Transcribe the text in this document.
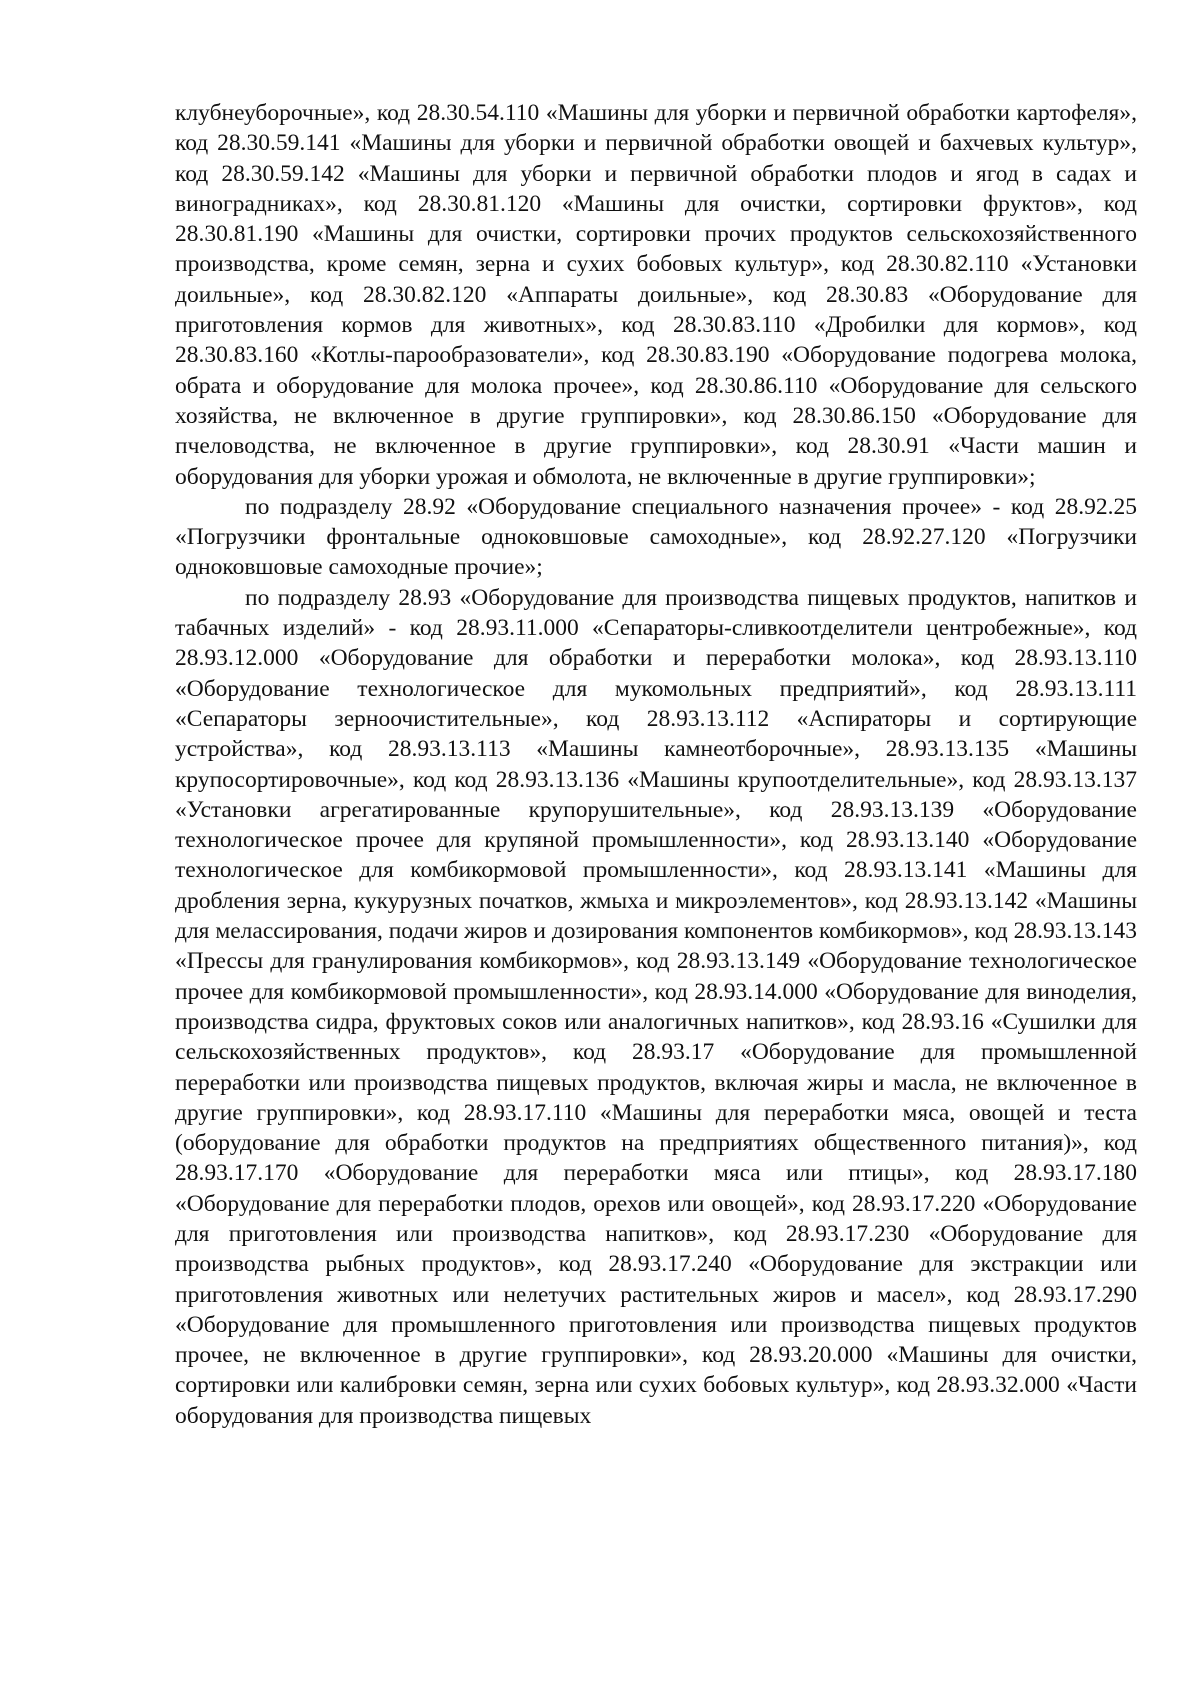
клубнеуборочные», код 28.30.54.110 «Машины для уборки и первичной обработки картофеля», код 28.30.59.141 «Машины для уборки и первичной обработки овощей и бахчевых культур», код 28.30.59.142 «Машины для уборки и первичной обработки плодов и ягод в садах и виноградниках», код 28.30.81.120 «Машины для очистки, сортировки фруктов», код 28.30.81.190 «Машины для очистки, сортировки прочих продуктов сельскохозяйственного производства, кроме семян, зерна и сухих бобовых культур», код 28.30.82.110 «Установки доильные», код 28.30.82.120 «Аппараты доильные», код 28.30.83 «Оборудование для приготовления кормов для животных», код 28.30.83.110 «Дробилки для кормов», код 28.30.83.160 «Котлы-парообразователи», код 28.30.83.190 «Оборудование подогрева молока, обрата и оборудование для молока прочее», код 28.30.86.110 «Оборудование для сельского хозяйства, не включенное в другие группировки», код 28.30.86.150 «Оборудование для пчеловодства, не включенное в другие группировки», код 28.30.91 «Части машин и оборудования для уборки урожая и обмолота, не включенные в другие группировки»;

по подразделу 28.92 «Оборудование специального назначения прочее» - код 28.92.25 «Погрузчики фронтальные одноковшовые самоходные», код 28.92.27.120 «Погрузчики одноковшовые самоходные прочие»;

по подразделу 28.93 «Оборудование для производства пищевых продуктов, напитков и табачных изделий» - код 28.93.11.000 «Сепараторы-сливкоотделители центробежные», код 28.93.12.000 «Оборудование для обработки и переработки молока», код 28.93.13.110 «Оборудование технологическое для мукомольных предприятий», код 28.93.13.111 «Сепараторы зерноочистительные», код 28.93.13.112 «Аспираторы и сортирующие устройства», код 28.93.13.113 «Машины камнеотборочные», 28.93.13.135 «Машины крупосортировочные», код код 28.93.13.136 «Машины крупоотделительные», код 28.93.13.137 «Установки агрегатированные крупорушительные», код 28.93.13.139 «Оборудование технологическое прочее для крупяной промышленности», код 28.93.13.140 «Оборудование технологическое для комбикормовой промышленности», код 28.93.13.141 «Машины для дробления зерна, кукурузных початков, жмыха и микроэлементов», код 28.93.13.142 «Машины для мелассирования, подачи жиров и дозирования компонентов комбикормов», код 28.93.13.143 «Прессы для гранулирования комбикормов», код 28.93.13.149 «Оборудование технологическое прочее для комбикормовой промышленности», код 28.93.14.000 «Оборудование для виноделия, производства сидра, фруктовых соков или аналогичных напитков», код 28.93.16 «Сушилки для сельскохозяйственных продуктов», код 28.93.17 «Оборудование для промышленной переработки или производства пищевых продуктов, включая жиры и масла, не включенное в другие группировки», код 28.93.17.110 «Машины для переработки мяса, овощей и теста (оборудование для обработки продуктов на предприятиях общественного питания)», код 28.93.17.170 «Оборудование для переработки мяса или птицы», код 28.93.17.180 «Оборудование для переработки плодов, орехов или овощей», код 28.93.17.220 «Оборудование для приготовления или производства напитков», код 28.93.17.230 «Оборудование для производства рыбных продуктов», код 28.93.17.240 «Оборудование для экстракции или приготовления животных или нелетучих растительных жиров и масел», код 28.93.17.290 «Оборудование для промышленного приготовления или производства пищевых продуктов прочее, не включенное в другие группировки», код 28.93.20.000 «Машины для очистки, сортировки или калибровки семян, зерна или сухих бобовых культур», код 28.93.32.000 «Части оборудования для производства пищевых
